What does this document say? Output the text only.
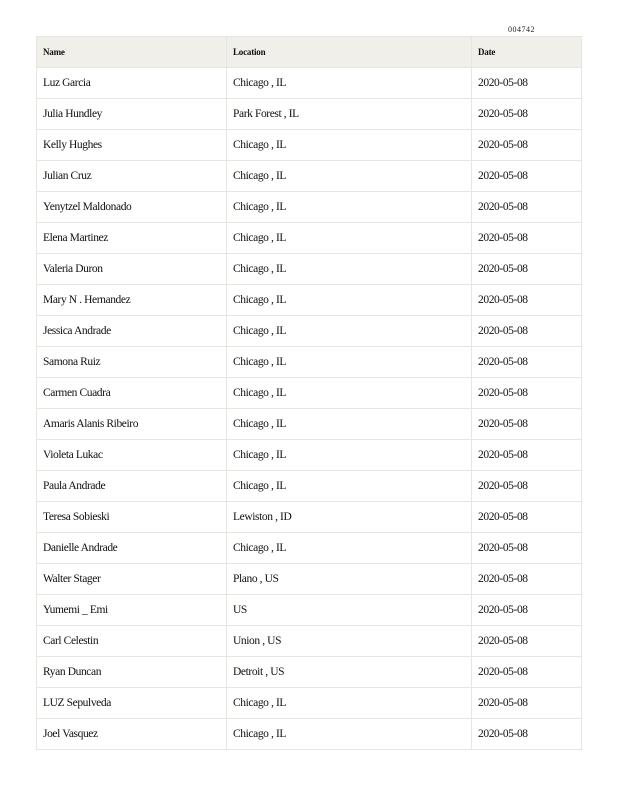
004742
Name	Location	Date
Luz Garcia	Chicago , IL	2020-05-08
Julia Hundley	Park Forest , IL	2020-05-08
Kelly Hughes	Chicago , IL	2020-05-08
Julian Cruz	Chicago , IL	2020-05-08
Yenytzel Maldonado	Chicago , IL	2020-05-08
Elena Martinez	Chicago , IL	2020-05-08
Valeria Duron	Chicago , IL	2020-05-08
Mary N . Hernandez	Chicago , IL	2020-05-08
Jessica Andrade	Chicago , IL	2020-05-08
Samona Ruiz	Chicago , IL	2020-05-08
Carmen Cuadra	Chicago , IL	2020-05-08
Amaris Alanis Ribeiro	Chicago , IL	2020-05-08
Violeta Lukac	Chicago , IL	2020-05-08
Paula Andrade	Chicago , IL	2020-05-08
Teresa Sobieski	Lewiston , ID	2020-05-08
Danielle Andrade	Chicago , IL	2020-05-08
Walter Stager	Plano , US	2020-05-08
Yumemi _ Emi	US	2020-05-08
Carl Celestin	Union , US	2020-05-08
Ryan Duncan	Detroit , US	2020-05-08
LUZ Sepulveda	Chicago , IL	2020-05-08
Joel Vasquez	Chicago , IL	2020-05-08
